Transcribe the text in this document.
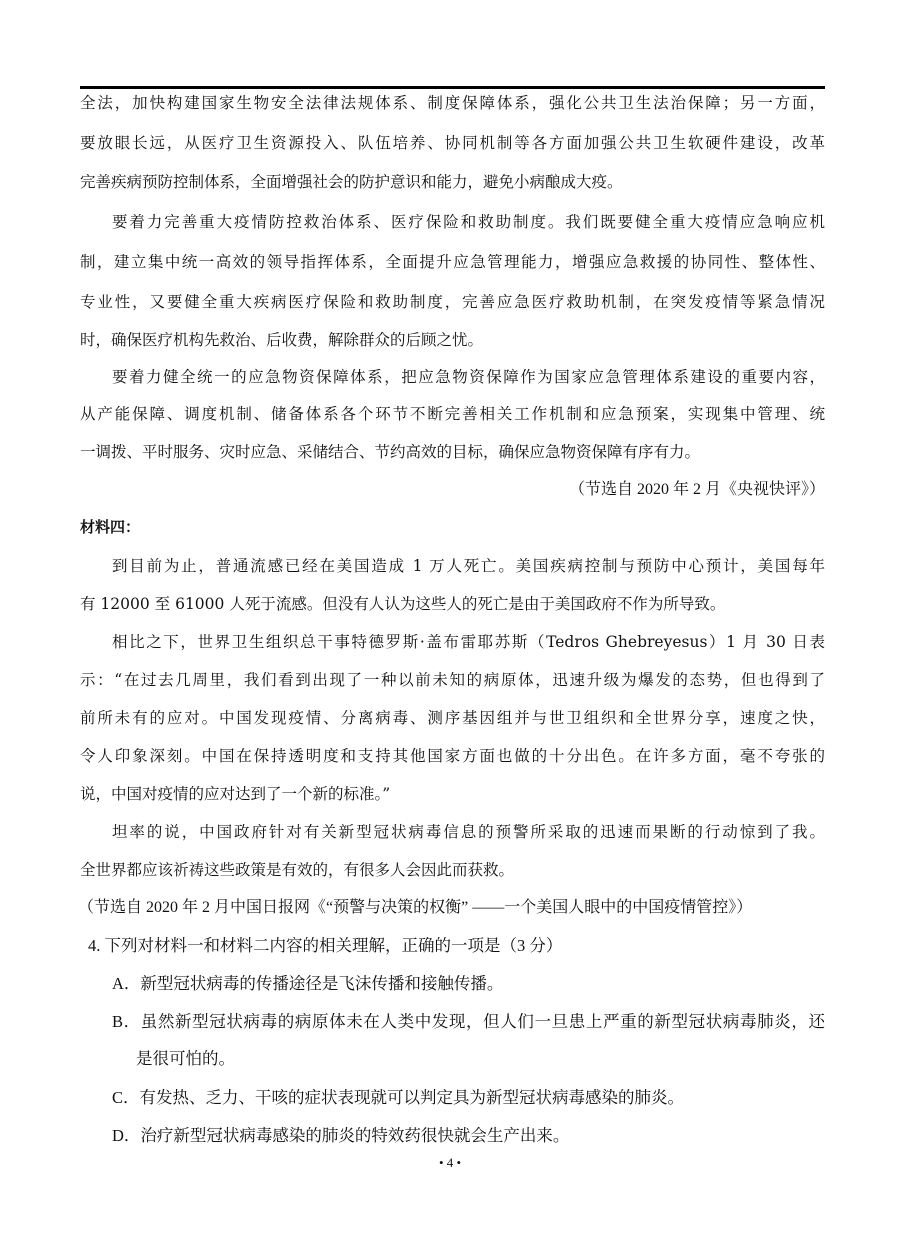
全法，加快构建国家生物安全法律法规体系、制度保障体系，强化公共卫生法治保障；另一方面，
要放眼长远，从医疗卫生资源投入、队伍培养、协同机制等各方面加强公共卫生软硬件建设，改革
完善疾病预防控制体系，全面增强社会的防护意识和能力，避免小病酿成大疫。
要着力完善重大疫情防控救治体系、医疗保险和救助制度。我们既要健全重大疫情应急响应机
制，建立集中统一高效的领导指挥体系，全面提升应急管理能力，增强应急救援的协同性、整体性、
专业性，又要健全重大疾病医疗保险和救助制度，完善应急医疗救助机制，在突发疫情等紧急情况
时，确保医疗机构先救治、后收费，解除群众的后顾之忧。
要着力健全统一的应急物资保障体系，把应急物资保障作为国家应急管理体系建设的重要内容，
从产能保障、调度机制、储备体系各个环节不断完善相关工作机制和应急预案，实现集中管理、统
一调拨、平时服务、灾时应急、采储结合、节约高效的目标，确保应急物资保障有序有力。
（节选自 2020 年 2 月《央视快评》）
材料四：
到目前为止，普通流感已经在美国造成 1 万人死亡。美国疾病控制与预防中心预计，美国每年
有 12000 至 61000 人死于流感。但没有人认为这些人的死亡是由于美国政府不作为所导致。
相比之下，世界卫生组织总干事特德罗斯·盖布雷耶苏斯（Tedros Ghebreyesus）1 月 30 日表
示：“在过去几周里，我们看到出现了一种以前未知的病原体，迅速升级为爆发的态势，但也得到了
前所未有的应对。中国发现疫情、分离病毒、测序基因组并与世卫组织和全世界分享，速度之快，
令人印象深刻。中国在保持透明度和支持其他国家方面也做的十分出色。在许多方面，毫不夸张的
说，中国对疫情的应对达到了一个新的标准。”
坦率的说，中国政府针对有关新型冠状病毒信息的预警所采取的迅速而果断的行动惊到了我。
全世界都应该祈祷这些政策是有效的，有很多人会因此而获救。
（节选自 2020 年 2 月中国日报网《“预警与决策的权衡” ——一个美国人眼中的中国疫情管控》）
4. 下列对材料一和材料二内容的相关理解，正确的一项是（3 分）
A．新型冠状病毒的传播途径是飞沫传播和接触传播。
B．虽然新型冠状病毒的病原体未在人类中发现，但人们一旦患上严重的新型冠状病毒肺炎，还
是很可怕的。
C．有发热、乏力、干咳的症状表现就可以判定具为新型冠状病毒感染的肺炎。
D．治疗新型冠状病毒感染的肺炎的特效药很快就会生产出来。
• 4 •
